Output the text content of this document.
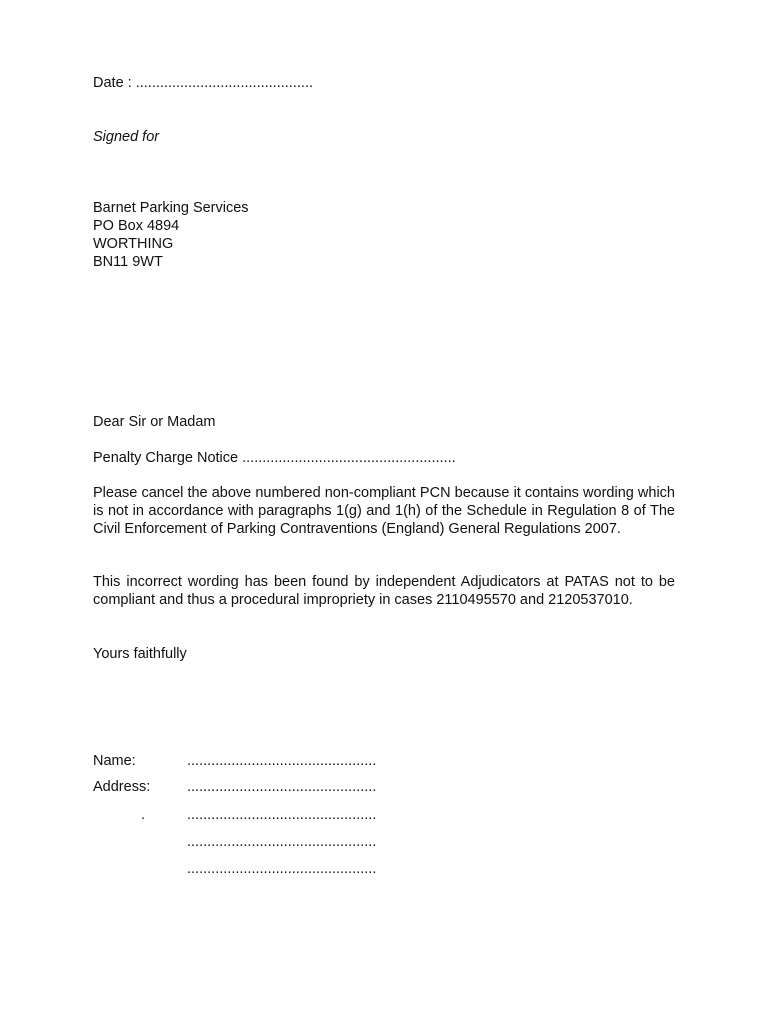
Date : ............................................
Signed for
Barnet Parking Services
PO Box 4894
WORTHING
BN11 9WT
Dear Sir or Madam
Penalty Charge Notice .....................................................
Please cancel the above numbered non-compliant PCN because it contains wording which is not in accordance with paragraphs 1(g) and 1(h) of the Schedule in Regulation 8 of The Civil Enforcement of Parking Contraventions (England) General Regulations 2007.
This incorrect wording has been found by independent Adjudicators at PATAS not to be compliant and thus a procedural impropriety in cases 2110495570 and 2120537010.
Yours faithfully
Name:	...............................................
Address:	...............................................
.	...............................................
...............................................
...............................................
